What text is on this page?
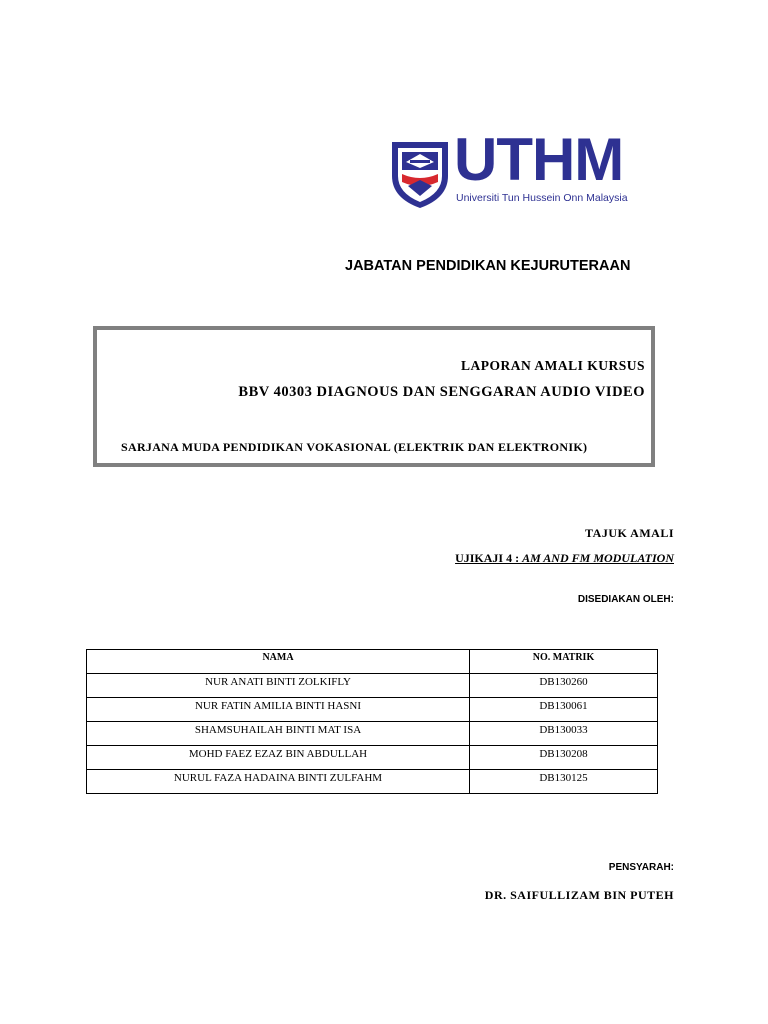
UTHM
Universiti Tun Hussein Onn Malaysia
JABATAN PENDIDIKAN KEJURUTERAAN
LAPORAN AMALI KURSUS
BBV 40303 DIAGNOUS DAN SENGGARAN AUDIO VIDEO
SARJANA MUDA PENDIDIKAN VOKASIONAL (ELEKTRIK DAN ELEKTRONIK)
TAJUK AMALI
UJIKAJI 4 : AM AND FM MODULATION
DISEDIAKAN OLEH:
NAMA	NO. MATRIK
NUR ANATI BINTI ZOLKIFLY	DB130260
NUR FATIN AMILIA BINTI HASNI	DB130061
SHAMSUHAILAH BINTI MAT ISA	DB130033
MOHD FAEZ EZAZ BIN ABDULLAH	DB130208
NURUL FAZA HADAINA BINTI ZULFAHM	DB130125
PENSYARAH:
DR. SAIFULLIZAM BIN PUTEH
